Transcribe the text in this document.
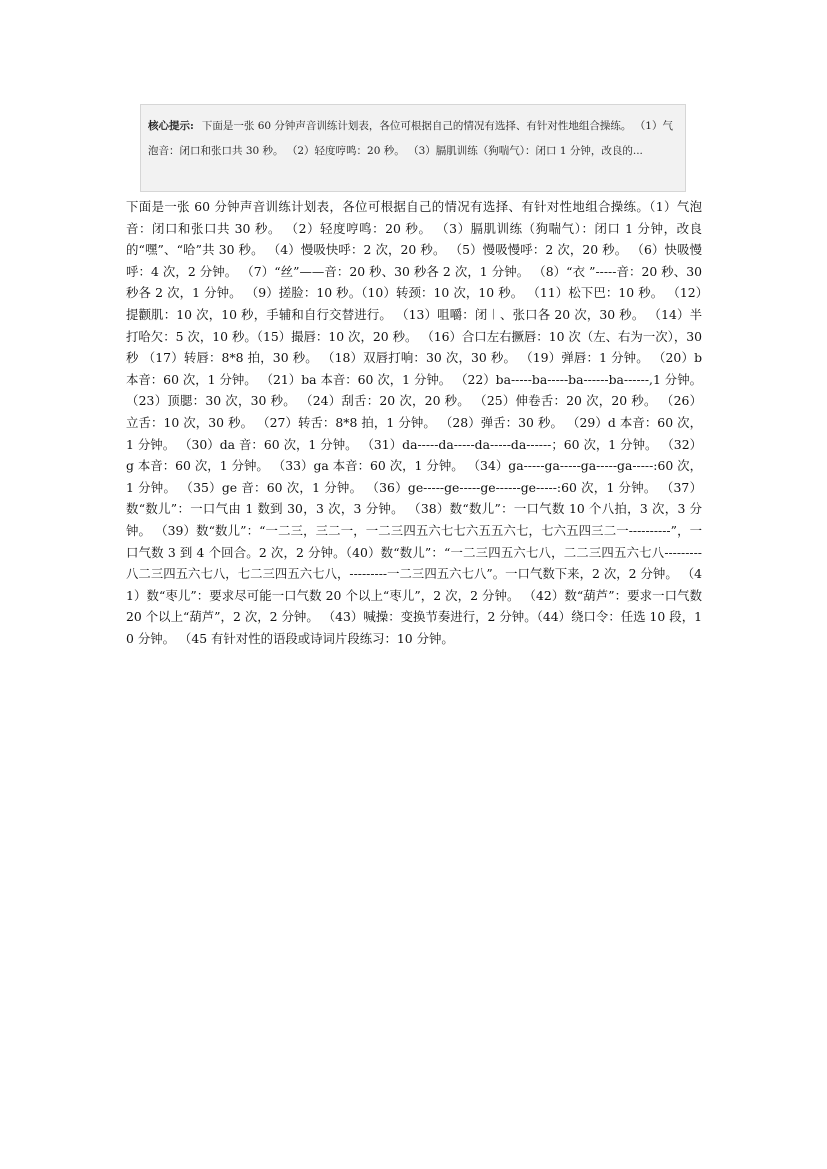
核心提示: 下面是一张 60 分钟声音训练计划表，各位可根据自己的情况有选择、有针对性地组合操练。 （1）气泡音：闭口和张口共 30 秒。 （2）轻度哼鸣：20 秒。 （3）膈肌训练（狗喘气）：闭口 1 分钟，改良的...
下面是一张 60 分钟声音训练计划表，各位可根据自己的情况有选择、有针对性地组合操练。（1）气泡音：闭口和张口共 30 秒。 （2）轻度哼鸣：20 秒。 （3）膈肌训练（狗喘气）：闭口 1 分钟，改良的“嘿”、“哈”共 30 秒。 （4）慢吸快呼：2 次，20 秒。 （5）慢吸慢呼：2 次，20 秒。 （6）快吸慢呼：4 次，2 分钟。 （7）“丝”——音：20 秒、30 秒各 2 次，1 分钟。 （8）“衣 ”-----音：20 秒、30 秒各 2 次，1 分钟。 （9）搓脸：10 秒。（10）转颈：10 次，10 秒。 （11）松下巴：10 秒。 （12）提颧肌：10 次，10 秒，手辅和自行交替进行。 （13）咀嚼：闭︱、张口各 20 次，30 秒。 （14）半打哈欠：5 次，10 秒。（15）撮唇：10 次，20 秒。 （16）合口左右撅唇：10 次（左、右为一次），30 秒 （17）转唇：8*8 拍，30 秒。 （18）双唇打响：30 次，30 秒。 （19）弹唇：1 分钟。 （20）b 本音：60 次，1 分钟。 （21）ba 本音：60 次，1 分钟。 （22）ba-----ba-----ba------ba------,1 分钟。 （23）顶腮：30 次，30 秒。 （24）刮舌：20 次，20 秒。 （25）伸卷舌：20 次，20 秒。 （26）立舌：10 次，30 秒。 （27）转舌：8*8 拍，1 分钟。 （28）弹舌：30 秒。 （29）d 本音：60 次，1 分钟。 （30）da 音：60 次，1 分钟。 （31）da-----da-----da-----da------；60 次，1 分钟。 （32）g 本音：60 次，1 分钟。 （33）ga 本音：60 次，1 分钟。 （34）ga-----ga-----ga-----ga-----:60 次，1 分钟。 （35）ge 音：60 次，1 分钟。 （36）ge-----ge-----ge------ge-----:60 次，1 分钟。 （37）数“数儿”：一口气由 1 数到 30，3 次，3 分钟。 （38）数“数儿”：一口气数 10 个八拍，3 次，3 分钟。 （39）数“数儿”：“一二三，三二一，一二三四五六七七六五五六七，七六五四三二一----------”，一口气数 3 到 4 个回合。2 次，2 分钟。（40）数“数儿”：“一二三四五六七八，二二三四五六七八---------八二三四五六七八，七二三四五六七八，---------一二三四五六七八”。一口气数下来，2 次，2 分钟。 （41）数“枣儿”：要求尽可能一口气数 20 个以上“枣儿”，2 次，2 分钟。 （42）数“葫芦”：要求一口气数 20 个以上“葫芦”，2 次，2 分钟。 （43）喊操：变换节奏进行，2 分钟。（44）绕口令：任选 10 段，10 分钟。 （45 有针对性的语段或诗词片段练习：10 分钟。
